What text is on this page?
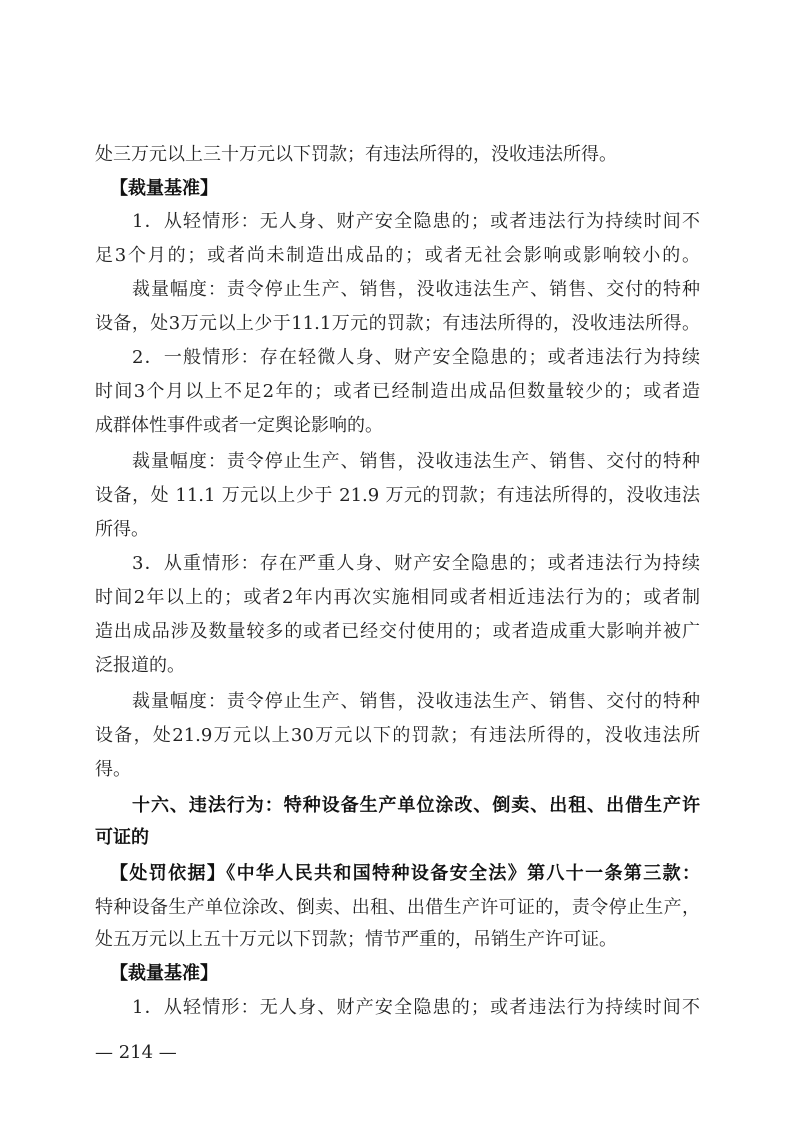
处三万元以上三十万元以下罚款；有违法所得的，没收违法所得。
【裁量基准】
1．从轻情形：无人身、财产安全隐患的；或者违法行为持续时间不
足3个月的；或者尚未制造出成品的；或者无社会影响或影响较小的。
裁量幅度：责令停止生产、销售，没收违法生产、销售、交付的特种
设备，处3万元以上少于11.1万元的罚款；有违法所得的，没收违法所得。
2．一般情形：存在轻微人身、财产安全隐患的；或者违法行为持续
时间3个月以上不足2年的；或者已经制造出成品但数量较少的；或者造
成群体性事件或者一定舆论影响的。
裁量幅度：责令停止生产、销售，没收违法生产、销售、交付的特种
设备，处 11.1 万元以上少于 21.9 万元的罚款；有违法所得的，没收违法
所得。
3．从重情形：存在严重人身、财产安全隐患的；或者违法行为持续
时间2年以上的；或者2年内再次实施相同或者相近违法行为的；或者制
造出成品涉及数量较多的或者已经交付使用的；或者造成重大影响并被广
泛报道的。
裁量幅度：责令停止生产、销售，没收违法生产、销售、交付的特种
设备，处21.9万元以上30万元以下的罚款；有违法所得的，没收违法所
得。
十六、违法行为：特种设备生产单位涂改、倒卖、出租、出借生产许
可证的
【处罚依据】《中华人民共和国特种设备安全法》第八十一条第三款：
特种设备生产单位涂改、倒卖、出租、出借生产许可证的，责令停止生产，
处五万元以上五十万元以下罚款；情节严重的，吊销生产许可证。
【裁量基准】
1．从轻情形：无人身、财产安全隐患的；或者违法行为持续时间不
— 214 —
